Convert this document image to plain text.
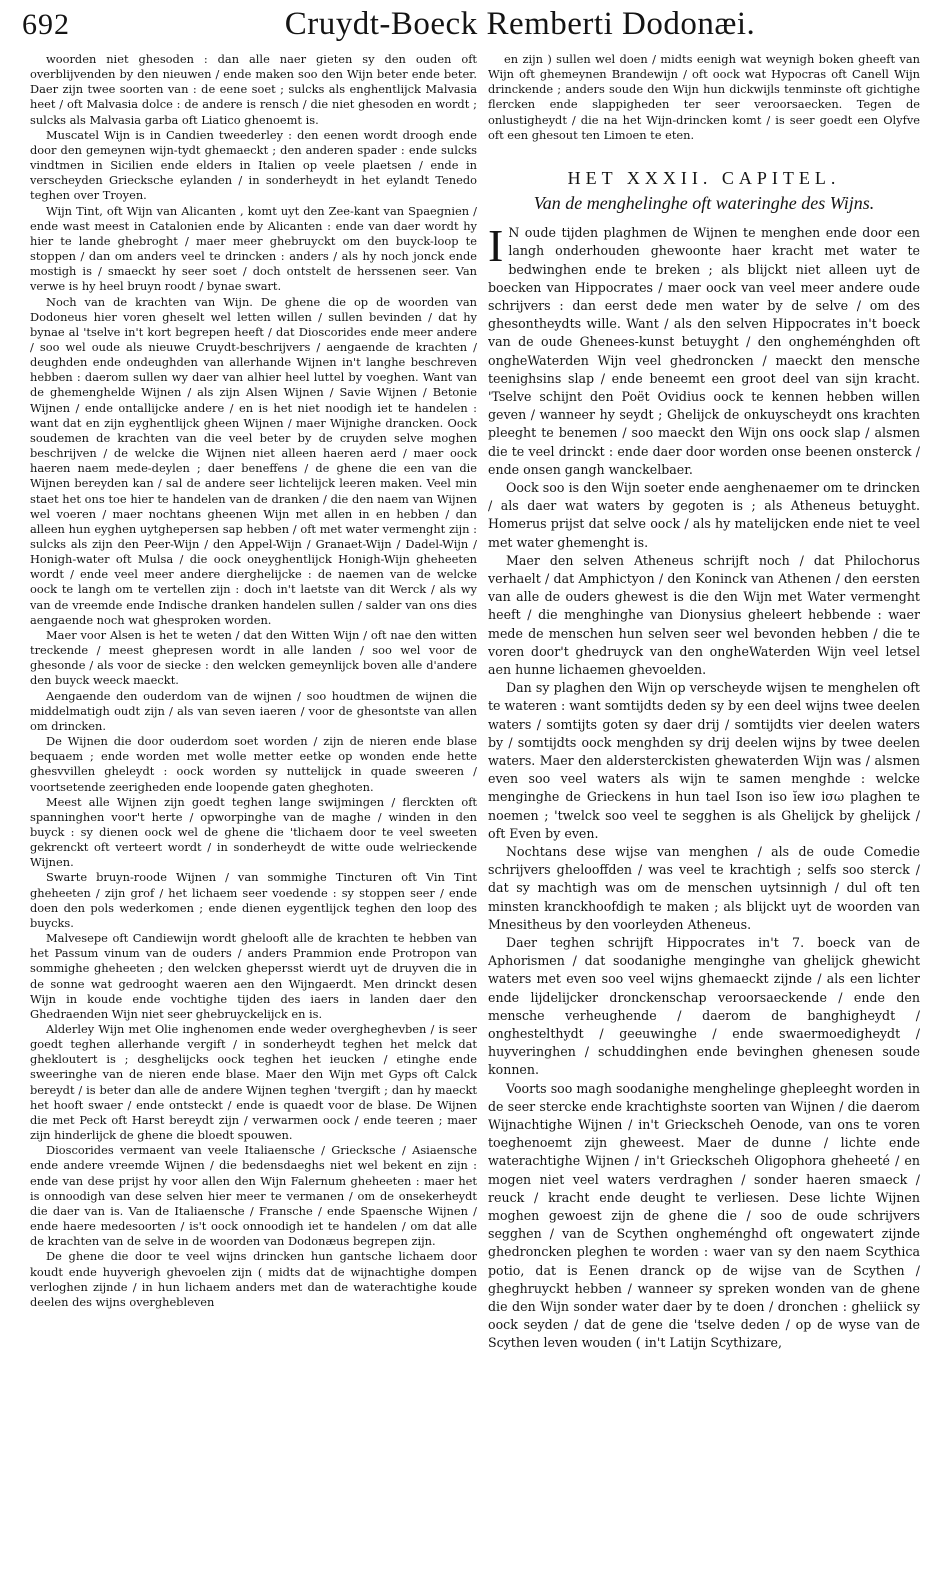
692	Cruydt-Boeck Remberti Dodonæi.

woorden niet ghesoden : dan alle naer gieten sy den ouden oft overblijvenden by den nieuwen / ende maken soo den Wijn beter ende beter. Daer zijn twee soorten van : de eene soet ; sulcks als enghentlijck Malvasia heet / oft Malvasia dolce : de andere is rensch / die niet ghesoden en wordt ; sulcks als Malvasia garba oft Liatico ghenoemt is.

Muscatel Wijn is in Candien tweederley : den eenen wordt droogh ende door den gemeynen wijn-tydt ghemaeckt ; den anderen spader : ende sulcks vindtmen in Sicilien ende elders in Italien op veele plaetsen / ende in verscheyden Griecksche eylanden / in sonderheydt in het eylandt Tenedo teghen over Troyen.

Wijn Tint, oft Wijn van Alicanten , komt uyt den Zee-kant van Spaegnien / ende wast meest in Catalonien ende by Alicanten : ende van daer wordt hy hier te lande ghebroght / maer meer ghebruyckt om den buyck-loop te stoppen / dan om anders veel te drincken : anders / als hy noch jonck ende mostigh is / smaeckt hy seer soet / doch ontstelt de herssenen seer. Van verwe is hy heel bruyn roodt / bynae swart.

Noch van de krachten van Wijn. De ghene die op de woorden van Dodoneus hier voren gheselt wel letten willen / sullen bevinden / dat hy bynae al 'tselve in't kort begrepen heeft / dat Dioscorides ende meer andere / soo wel oude als nieuwe Cruydt-beschrijvers / aengaende de krachten / deughden ende ondeughden van allerhande Wijnen in't langhe beschreven hebben : daerom sullen wy daer van alhier heel luttel by voeghen. Want van de ghemenghelde Wijnen / als zijn Alsen Wijnen / Savie Wijnen / Betonie Wijnen / ende ontallijcke andere / en is het niet noodigh iet te handelen : want dat en zijn eyghentlijck gheen Wijnen / maer Wijnighe drancken. Oock soudemen de krachten van die veel beter by de cruyden selve moghen beschrijven / de welcke die Wijnen niet alleen haeren aerd / maer oock haeren naem mede-deylen ; daer beneffens / de ghene die een van die Wijnen bereyden kan / sal de andere seer lichtelijck leeren maken. Veel min staet het ons toe hier te handelen van de dranken / die den naem van Wijnen wel voeren / maer nochtans gheenen Wijn met allen in en hebben / dan alleen hun eyghen uytghepersen sap hebben / oft met water vermenght zijn : sulcks als zijn den Peer-Wijn / den Appel-Wijn / Granaet-Wijn / Dadel-Wijn / Honigh-water oft Mulsa / die oock oneyghentlijck Honigh-Wijn gheheeten wordt / ende veel meer andere dierghelijcke : de naemen van de welcke oock te langh om te vertellen zijn : doch in't laetste van dit Werck / als wy van de vreemde ende Indische dranken handelen sullen / salder van ons dies aengaende noch wat ghesproken worden.

Maer voor Alsen is het te weten / dat den Witten Wijn / oft nae den witten treckende / meest ghepresen wordt in alle landen / soo wel voor de ghesonde / als voor de siecke : den welcken gemeynlijck boven alle d'andere den buyck weeck maeckt.

Aengaende den ouderdom van de wijnen / soo houdtmen de wijnen die middelmatigh oudt zijn / als van seven iaeren / voor de ghesontste van allen om drincken.

De Wijnen die door ouderdom soet worden / zijn de nieren ende blase bequaem ; ende worden met wolle metter eetke op wonden ende hette ghesvvillen gheleydt : oock worden sy nuttelijck in quade sweeren / voortsetende zeerigheden ende loopende gaten gheghoten.

Meest alle Wijnen zijn goedt teghen lange swijmingen / flerckten oft spanninghen voor't herte / opworpinghe van de maghe / winden in den buyck : sy dienen oock wel de ghene die 'tlichaem door te veel sweeten gekrenckt oft verteert wordt / in sonderheydt de witte oude welrieckende Wijnen.

Swarte bruyn-roode Wijnen / van sommighe Tincturen oft Vin Tint gheheeten / zijn grof / het lichaem seer voedende : sy stoppen seer / ende doen den pols wederkomen ; ende dienen eygentlijck teghen den loop des buycks.

Malvesepe oft Candiewijn wordt ghelooft alle de krachten te hebben van het Passum vinum van de ouders / anders Prammion ende Protropon van sommighe gheheeten ; den welcken ghepersst wierdt uyt de druyven die in de sonne wat gedrooght waeren aen den Wijngaerdt. Men drinckt desen Wijn in koude ende vochtighe tijden des iaers in landen daer den Ghedraenden Wijn niet seer ghebruyckelijck en is.

Alderley Wijn met Olie inghenomen ende weder overgheghevben / is seer goedt teghen allerhande vergift / in sonderheydt teghen het melck dat ghekloutert is ; desghelijcks oock teghen het ieucken / etinghe ende sweeringhe van de nieren ende blase. Maer den Wijn met Gyps oft Calck bereydt / is beter dan alle de andere Wijnen teghen 'tvergift ; dan hy maeckt het hooft swaer / ende ontsteckt / ende is quaedt voor de blase. De Wijnen die met Peck oft Harst bereydt zijn / verwarmen oock / ende teeren ; maer zijn hinderlijck de ghene die bloedt spouwen.

Dioscorides vermaent van veele Italiaensche / Griecksche / Asiaensche ende andere vreemde Wijnen / die bedensdaeghs niet wel bekent en zijn : ende van dese prijst hy voor allen den Wijn Falernum gheheeten : maer het is onnoodigh van dese selven hier meer te vermanen / om de onsekerheydt die daer van is. Van de Italiaensche / Fransche / ende Spaensche Wijnen / ende haere medesoorten / is't oock onnoodigh iet te handelen / om dat alle de krachten van de selve in de woorden van Dodonæus begrepen zijn.

De ghene die door te veel wijns drincken hun gantsche lichaem door koudt ende huyverigh ghevoelen zijn ( midts dat de wijnachtighe dompen verloghen zijnde / in hun lichaem anders met dan de waterachtighe koude deelen des wijns overghebleven

en zijn ) sullen wel doen / midts eenigh wat weynigh boken gheeft van Wijn oft ghemeynen Brandewijn / oft oock wat Hypocras oft Canell Wijn drinckende ; anders soude den Wijn hun dickwijls tenminste oft gichtighe flercken ende slappigheden ter seer veroorsaecken. Tegen de onlustigheydt / die na het Wijn-drincken komt / is seer goedt een Olyfve oft een ghesout ten Limoen te eten.

HET XXXII. CAPITEL.
Van de menghelinghe oft wateringhe des Wijns.

I N oude tijden plaghmen de Wijnen te menghen ende door een langh onderhouden ghewoonte haer kracht met water te bedwinghen ende te breken ; als blijckt niet alleen uyt de boecken van Hippocrates / maer oock van veel meer andere oude schrijvers : dan eerst dede men water by de selve / om des ghesontheydts wille. Want / als den selven Hippocrates in't boeck van de oude Ghenees-kunst betuyght / den ongheménghden oft ongheWaterden Wijn veel ghedroncken / maeckt den mensche teenighsins slap / ende beneemt een groot deel van sijn kracht. 'Tselve schijnt den Poët Ovidius oock te kennen hebben willen geven / wanneer hy seydt ; Ghelijck de onkuyscheydt ons krachten pleeght te benemen / soo maeckt den Wijn ons oock slap / alsmen die te veel drinckt : ende daer door worden onse beenen onsterck / ende onsen gangh wanckelbaer.

Oock soo is den Wijn soeter ende aenghenaemer om te drincken / als daer wat waters by gegoten is ; als Atheneus betuyght. Homerus prijst dat selve oock / als hy matelijcken ende niet te veel met water ghemenght is.

Maer den selven Atheneus schrijft noch / dat Philochorus verhaelt / dat Amphictyon / den Koninck van Athenen / den eersten van alle de ouders ghewest is die den Wijn met Water vermenght heeft / die menghinghe van Dionysius gheleert hebbende : waer mede de menschen hun selven seer wel bevonden hebben / die te voren door't ghedruyck van den ongheWaterden Wijn veel letsel aen hunne lichaemen ghevoelden.

Dan sy plaghen den Wijn op verscheyde wijsen te menghelen oft te wateren : want somtijdts deden sy by een deel wijns twee deelen waters / somtijts goten sy daer drij / somtijdts vier deelen waters by / somtijdts oock menghden sy drij deelen wijns by twee deelen waters. Maer den aldersterckisten ghewaterden Wijn was / alsmen even soo veel waters als wijn te samen menghde : welcke menginghe de Grieckens in hun tael Ison iso ĭew iσω plaghen te noemen ; 'twelck soo veel te segghen is als Ghelijck by ghelijck / oft Even by even.

Nochtans dese wijse van menghen / als de oude Comedie schrijvers ghelooffden / was veel te krachtigh ; selfs soo sterck / dat sy machtigh was om de menschen uytsinnigh / dul oft ten minsten kranckhoofdigh te maken ; als blijckt uyt de woorden van Mnesitheus by den voorleyden Atheneus.

Daer teghen schrijft Hippocrates in't 7. boeck van de Aphorismen / dat soodanighe menginghe van ghelijck ghewicht waters met even soo veel wijns ghemaeckt zijnde / als een lichter ende lijdelijcker dronckenschap veroorsaeckende / ende den mensche verheughende / daerom de banghigheydt / onghestelthydt / geeuwinghe / ende swaermoedigheydt / huyveringhen / schuddinghen ende bevinghen ghenesen soude konnen.

Voorts soo magh soodanighe menghelinge ghepleeght worden in de seer stercke ende krachtighste soorten van Wijnen / die daerom Wijnachtighe Wijnen / in't Grieckscheh Oenode, van ons te voren toeghenoemt zijn gheweest. Maer de dunne / lichte ende waterachtighe Wijnen / in't Grieckscheh Oligophora gheheeté / en mogen niet veel waters verdraghen / sonder haeren smaeck / reuck / kracht ende deught te verliesen. Dese lichte Wijnen moghen gewoest zijn de ghene die / soo de oude schrijvers segghen / van de Scythen ongheménghd oft ongewatert zijnde ghedroncken pleghen te worden : waer van sy den naem Scythica potio, dat is Eenen dranck op de wijse van de Scythen / gheghruyckt hebben / wanneer sy spreken wonden van de ghene die den Wijn sonder water daer by te doen / dronchen : gheliick sy oock seyden / dat de gene die 'tselve deden / op de wyse van de Scythen leven wouden ( in't Latijn Scythizare,
